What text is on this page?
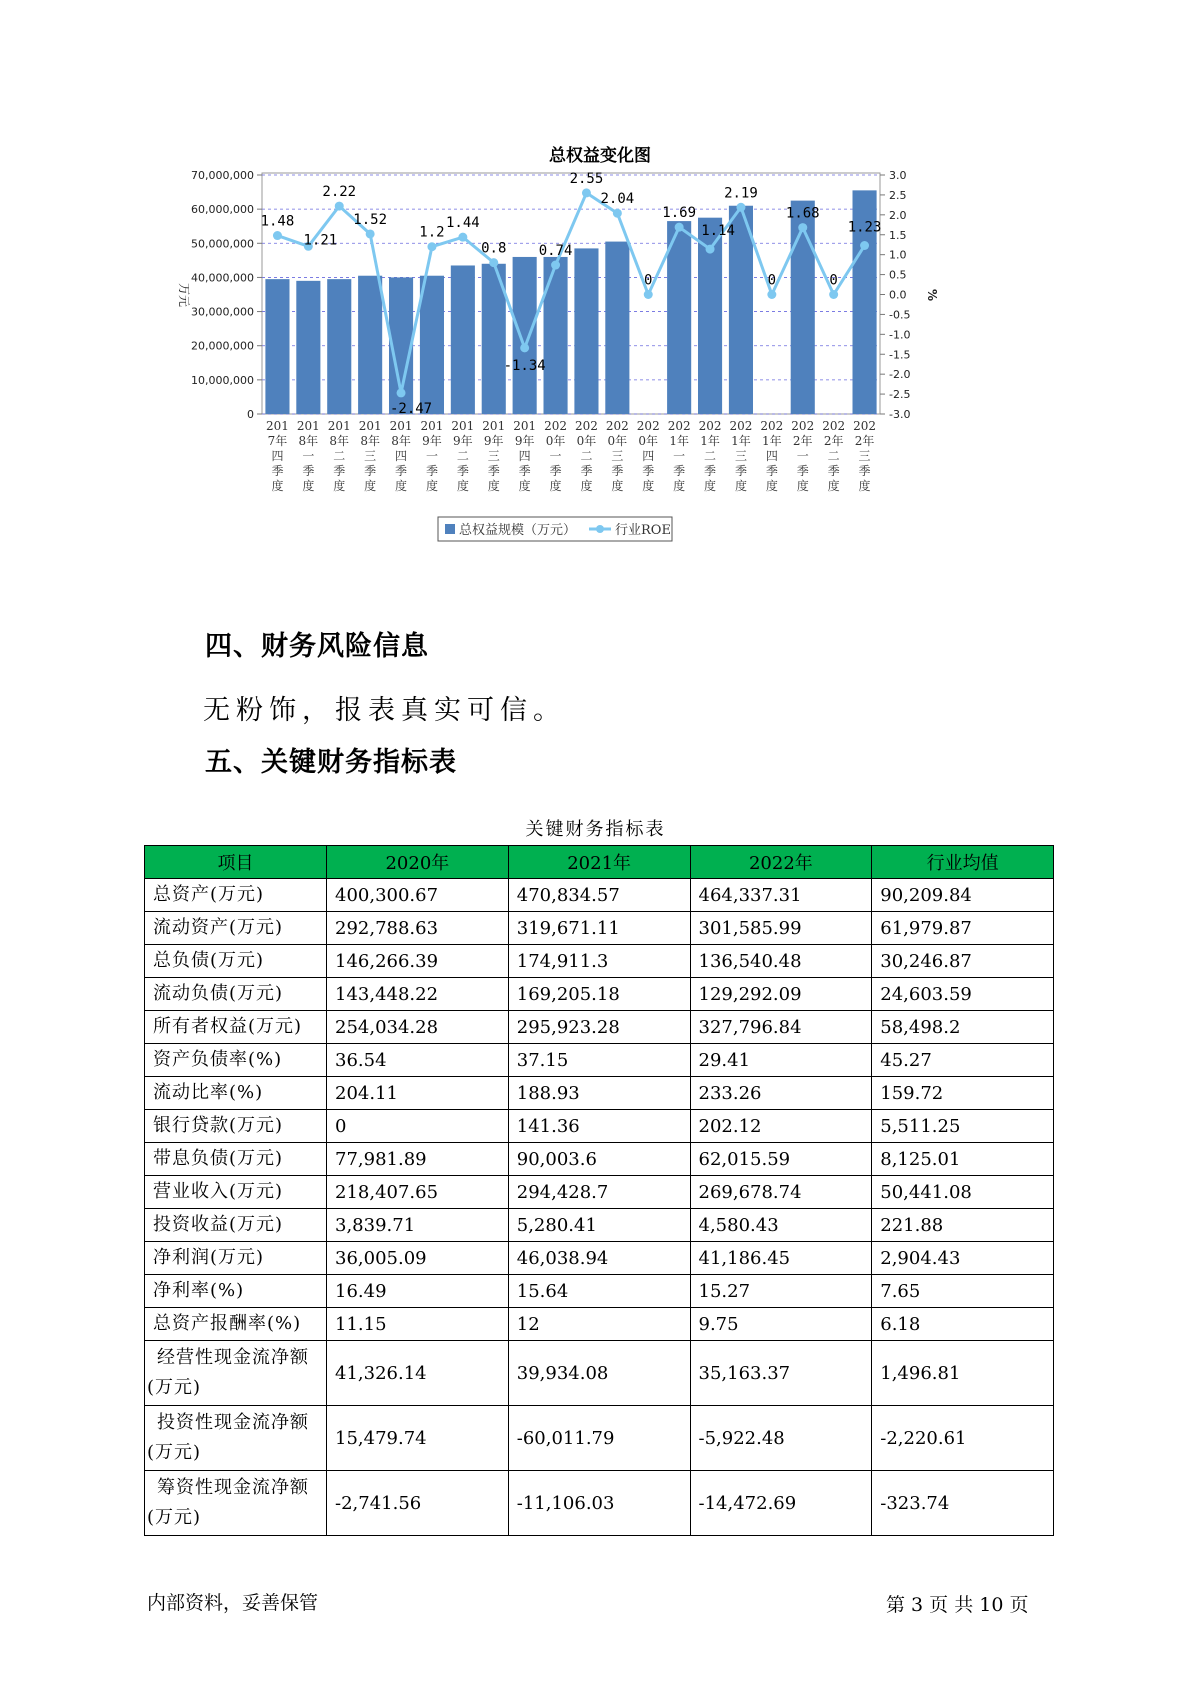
总权益变化图
0
10,000,000
20,000,000
30,000,000
40,000,000
50,000,000
60,000,000
70,000,000
-3.0
-2.5
-2.0
-1.5
-1.0
-0.5
0.0
0.5
1.0
1.5
2.0
2.5
3.0
万元	%
201
7年
四
季
度
201
8年
一
季
度
201
8年
二
季
度
201
8年
三
季
度
201
8年
四
季
度
201
9年
一
季
度
201
9年
二
季
度
201
9年
三
季
度
201
9年
四
季
度
202
0年
一
季
度
202
0年
二
季
度
202
0年
三
季
度
202
0年
四
季
度
202
1年
一
季
度
202
1年
二
季
度
202
1年
三
季
度
202
1年
四
季
度
202
2年
一
季
度
202
2年
二
季
度
202
2年
三
季
度
1.48
1.21
2.22
1.52
-2.47
1.2
1.44
0.8
-1.34
0.74
2.55
2.04
0
1.69
1.14
2.19
0
1.68
0
1.23
总权益规模（万元）	行业ROE
四、财务风险信息

无粉饰，报表真实可信。

五、关键财务指标表
关键财务指标表
项目	2020年	2021年	2022年	行业均值
总资产(万元)	400,300.67	470,834.57	464,337.31	90,209.84
流动资产(万元)	292,788.63	319,671.11	301,585.99	61,979.87
总负债(万元)	146,266.39	174,911.3	136,540.48	30,246.87
流动负债(万元)	143,448.22	169,205.18	129,292.09	24,603.59
所有者权益(万元)	254,034.28	295,923.28	327,796.84	58,498.2
资产负债率(%)	36.54	37.15	29.41	45.27
流动比率(%)	204.11	188.93	233.26	159.72
银行贷款(万元)	0	141.36	202.12	5,511.25
带息负债(万元)	77,981.89	90,003.6	62,015.59	8,125.01
营业收入(万元)	218,407.65	294,428.7	269,678.74	50,441.08
投资收益(万元)	3,839.71	5,280.41	4,580.43	221.88
净利润(万元)	36,005.09	46,038.94	41,186.45	2,904.43
净利率(%)	16.49	15.64	15.27	7.65
总资产报酬率(%)	11.15	12	9.75	6.18

经营性现金流净额
(万元)	41,326.14	39,934.08	35,163.37	1,496.81

投资性现金流净额
(万元)	15,479.74	-60,011.79	-5,922.48	-2,220.61

筹资性现金流净额
(万元)	-2,741.56	-11,106.03	-14,472.69	-323.74
内部资料，妥善保管	第 3 页 共 10 页
